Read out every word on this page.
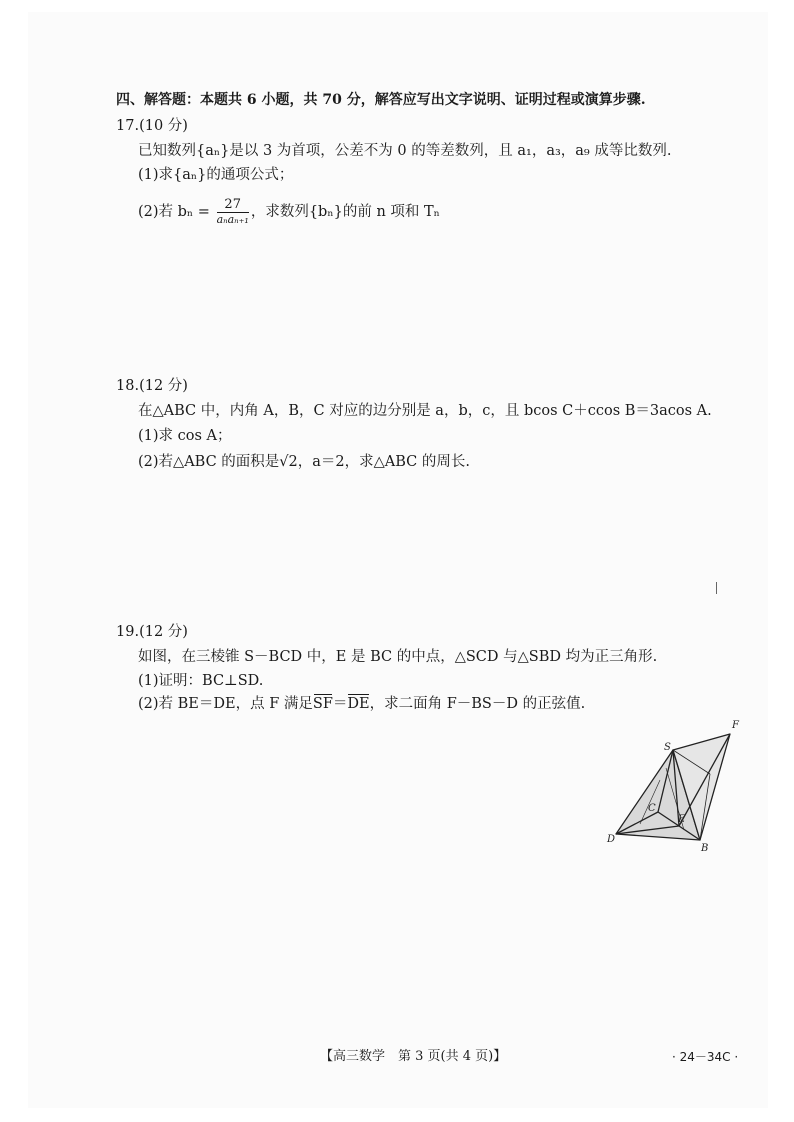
四、解答题：本题共 6 小题，共 70 分，解答应写出文字说明、证明过程或演算步骤.
17.(10 分)
已知数列{aₙ}是以 3 为首项，公差不为 0 的等差数列，且 a₁，a₃，a₉ 成等比数列.
(1)求{aₙ}的通项公式；
(2)若 $b_n = \frac{27}{\text{aₙaₙ₊₁}}$ ，求数列{bₙ}的前 n 项和 Tₙ
18.(12 分)
在△ABC 中，内角 A，B，C 对应的边分别是 a，b，c，且 bcos C＋ccos B＝3acos A.
(1)求 cos A；
(2)若△ABC 的面积是√2，a＝2，求△ABC 的周长.
19.(12 分)
如图，在三棱锥 S－BCD 中，E 是 BC 的中点，△SCD 与△SBD 均为正三角形.
(1)证明：BC⊥SD.
(2)若 BE＝DE，点 F 满足SF＝DE，求二面角 F－BS－D 的正弦值.
S
F
C
E
D
B
【高三数学　第 3 页(共 4 页)】	· 24－34C ·
